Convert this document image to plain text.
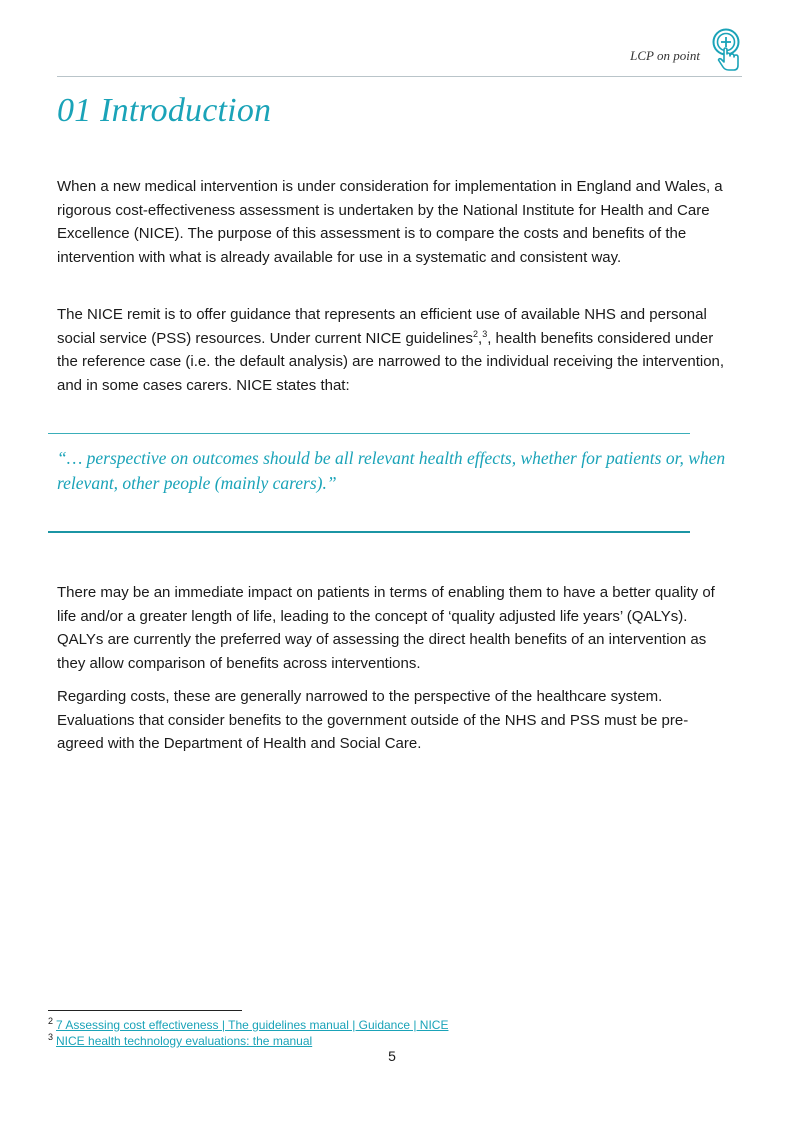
LCP on point
01 Introduction

When a new medical intervention is under consideration for implementation in England and Wales, a rigorous cost-effectiveness assessment is undertaken by the National Institute for Health and Care Excellence (NICE). The purpose of this assessment is to compare the costs and benefits of the intervention with what is already available for use in a systematic and consistent way.

The NICE remit is to offer guidance that represents an efficient use of available NHS and personal social service (PSS) resources. Under current NICE guidelines$^2$,$^3$, health benefits considered under the reference case (i.e. the default analysis) are narrowed to the individual receiving the intervention, and in some cases carers. NICE states that:

“… perspective on outcomes should be all relevant health effects, whether for patients or, when relevant, other people (mainly carers).”

There may be an immediate impact on patients in terms of enabling them to have a better quality of life and/or a greater length of life, leading to the concept of ‘quality adjusted life years’ (QALYs). QALYs are currently the preferred way of assessing the direct health benefits of an intervention as they allow comparison of benefits across interventions.

Regarding costs, these are generally narrowed to the perspective of the healthcare system. Evaluations that consider benefits to the government outside of the NHS and PSS must be pre-agreed with the Department of Health and Social Care.

$^2$ 7 Assessing cost effectiveness | The guidelines manual | Guidance | NICE
$^3$ NICE health technology evaluations: the manual
5
